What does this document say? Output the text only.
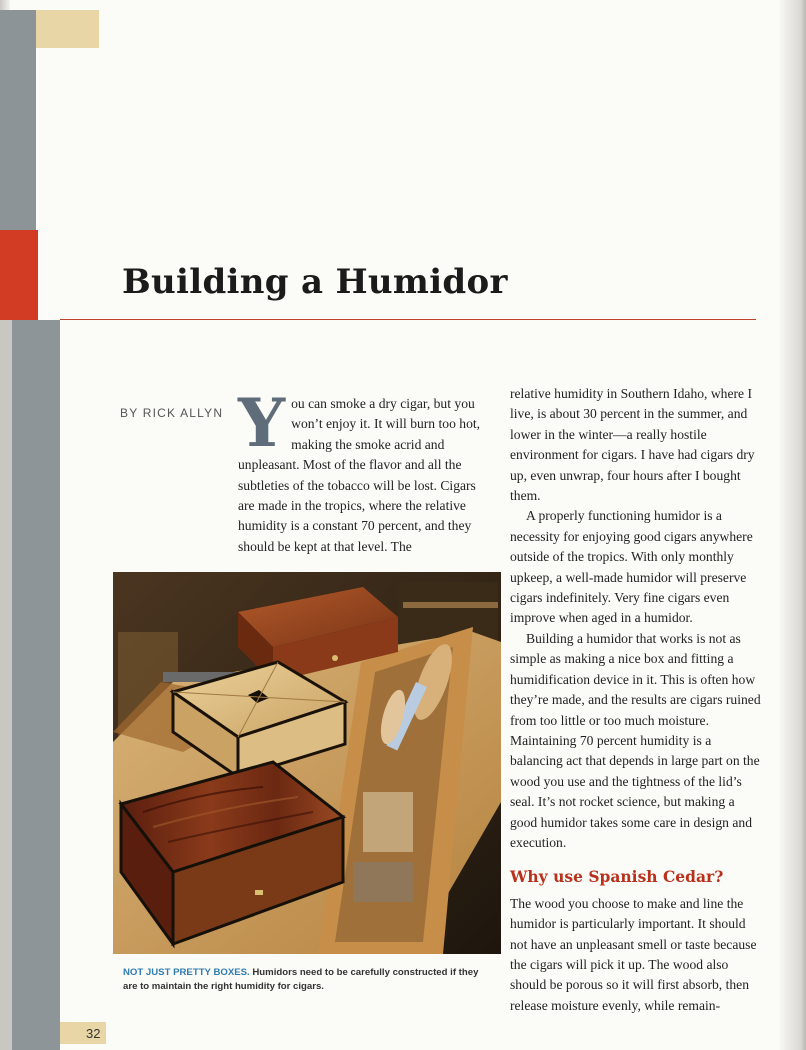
Building a Humidor
BY RICK ALLYN You can smoke a dry cigar, but you won’t enjoy it. It will burn too hot, making the smoke acrid and unpleasant. Most of the flavor and all the subtleties of the tobacco will be lost. Cigars are made in the tropics, where the relative humidity is a constant 70 percent, and they should be kept at that level. The

relative humidity in Southern Idaho, where I live, is about 30 percent in the summer, and lower in the winter—a really hostile environment for cigars. I have had cigars dry up, even unwrap, four hours after I bought them.

A properly functioning humidor is a necessity for enjoying good cigars anywhere outside of the tropics. With only monthly upkeep, a well-made humidor will preserve cigars indefinitely. Very fine cigars even improve when aged in a humidor.

Building a humidor that works is not as simple as making a nice box and fitting a humidification device in it. This is often how they’re made, and the results are cigars ruined from too little or too much moisture. Maintaining 70 percent humidity is a balancing act that depends in large part on the wood you use and the tightness of the lid’s seal. It’s not rocket science, but making a good humidor takes some care in design and execution.

Why use Spanish Cedar?

The wood you choose to make and line the humidor is particularly important. It should not have an unpleasant smell or taste because the cigars will pick it up. The wood also should be porous so it will first absorb, then release moisture evenly, while remain-

NOT JUST PRETTY BOXES. Humidors need to be carefully constructed if they are to maintain the right humidity for cigars.
32
